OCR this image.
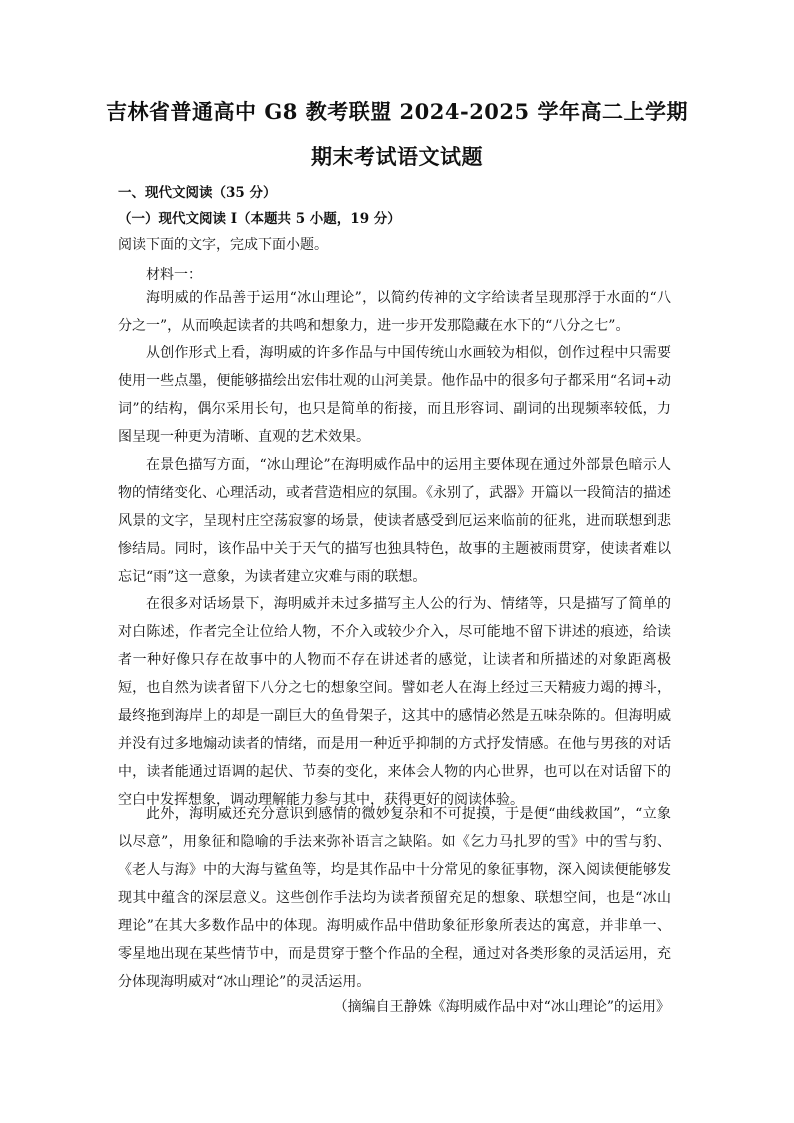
吉林省普通高中 G8 教考联盟 2024-2025 学年高二上学期
期末考试语文试题
一、现代文阅读（35 分）
（一）现代文阅读 I（本题共 5 小题，19 分）
阅读下面的文字，完成下面小题。
材料一：

海明威的作品善于运用“冰山理论”，以简约传神的文字给读者呈现那浮于水面的“八分之一”，从而唤起读者的共鸣和想象力，进一步开发那隐藏在水下的“八分之七”。

从创作形式上看，海明威的许多作品与中国传统山水画较为相似，创作过程中只需要使用一些点墨，便能够描绘出宏伟壮观的山河美景。他作品中的很多句子都采用“名词+动词”的结构，偶尔采用长句，也只是简单的衔接，而且形容词、副词的出现频率较低，力图呈现一种更为清晰、直观的艺术效果。

在景色描写方面，“冰山理论”在海明威作品中的运用主要体现在通过外部景色暗示人物的情绪变化、心理活动，或者营造相应的氛围。《永别了，武器》开篇以一段简洁的描述风景的文字，呈现村庄空荡寂寥的场景，使读者感受到厄运来临前的征兆，进而联想到悲惨结局。同时，该作品中关于天气的描写也独具特色，故事的主题被雨贯穿，使读者难以忘记“雨”这一意象，为读者建立灾难与雨的联想。

在很多对话场景下，海明威并未过多描写主人公的行为、情绪等，只是描写了简单的对白陈述，作者完全让位给人物，不介入或较少介入，尽可能地不留下讲述的痕迹，给读者一种好像只存在故事中的人物而不存在讲述者的感觉，让读者和所描述的对象距离极短，也自然为读者留下八分之七的想象空间。譬如老人在海上经过三天精疲力竭的搏斗，最终拖到海岸上的却是一副巨大的鱼骨架子，这其中的感情必然是五味杂陈的。但海明威并没有过多地煽动读者的情绪，而是用一种近乎抑制的方式抒发情感。在他与男孩的对话中，读者能通过语调的起伏、节奏的变化，来体会人物的内心世界，也可以在对话留下的空白中发挥想象，调动理解能力参与其中，获得更好的阅读体验。

此外，海明威还充分意识到感情的微妙复杂和不可捉摸，于是便“曲线救国”，“立象以尽意”，用象征和隐喻的手法来弥补语言之缺陷。如《乞力马扎罗的雪》中的雪与豹、《老人与海》中的大海与鲨鱼等，均是其作品中十分常见的象征事物，深入阅读便能够发现其中蕴含的深层意义。这些创作手法均为读者预留充足的想象、联想空间，也是“冰山理论”在其大多数作品中的体现。海明威作品中借助象征形象所表达的寓意，并非单一、零星地出现在某些情节中，而是贯穿于整个作品的全程，通过对各类形象的灵活运用，充分体现海明威对“冰山理论”的灵活运用。

（摘编自王静姝《海明威作品中对“冰山理论”的运用》
